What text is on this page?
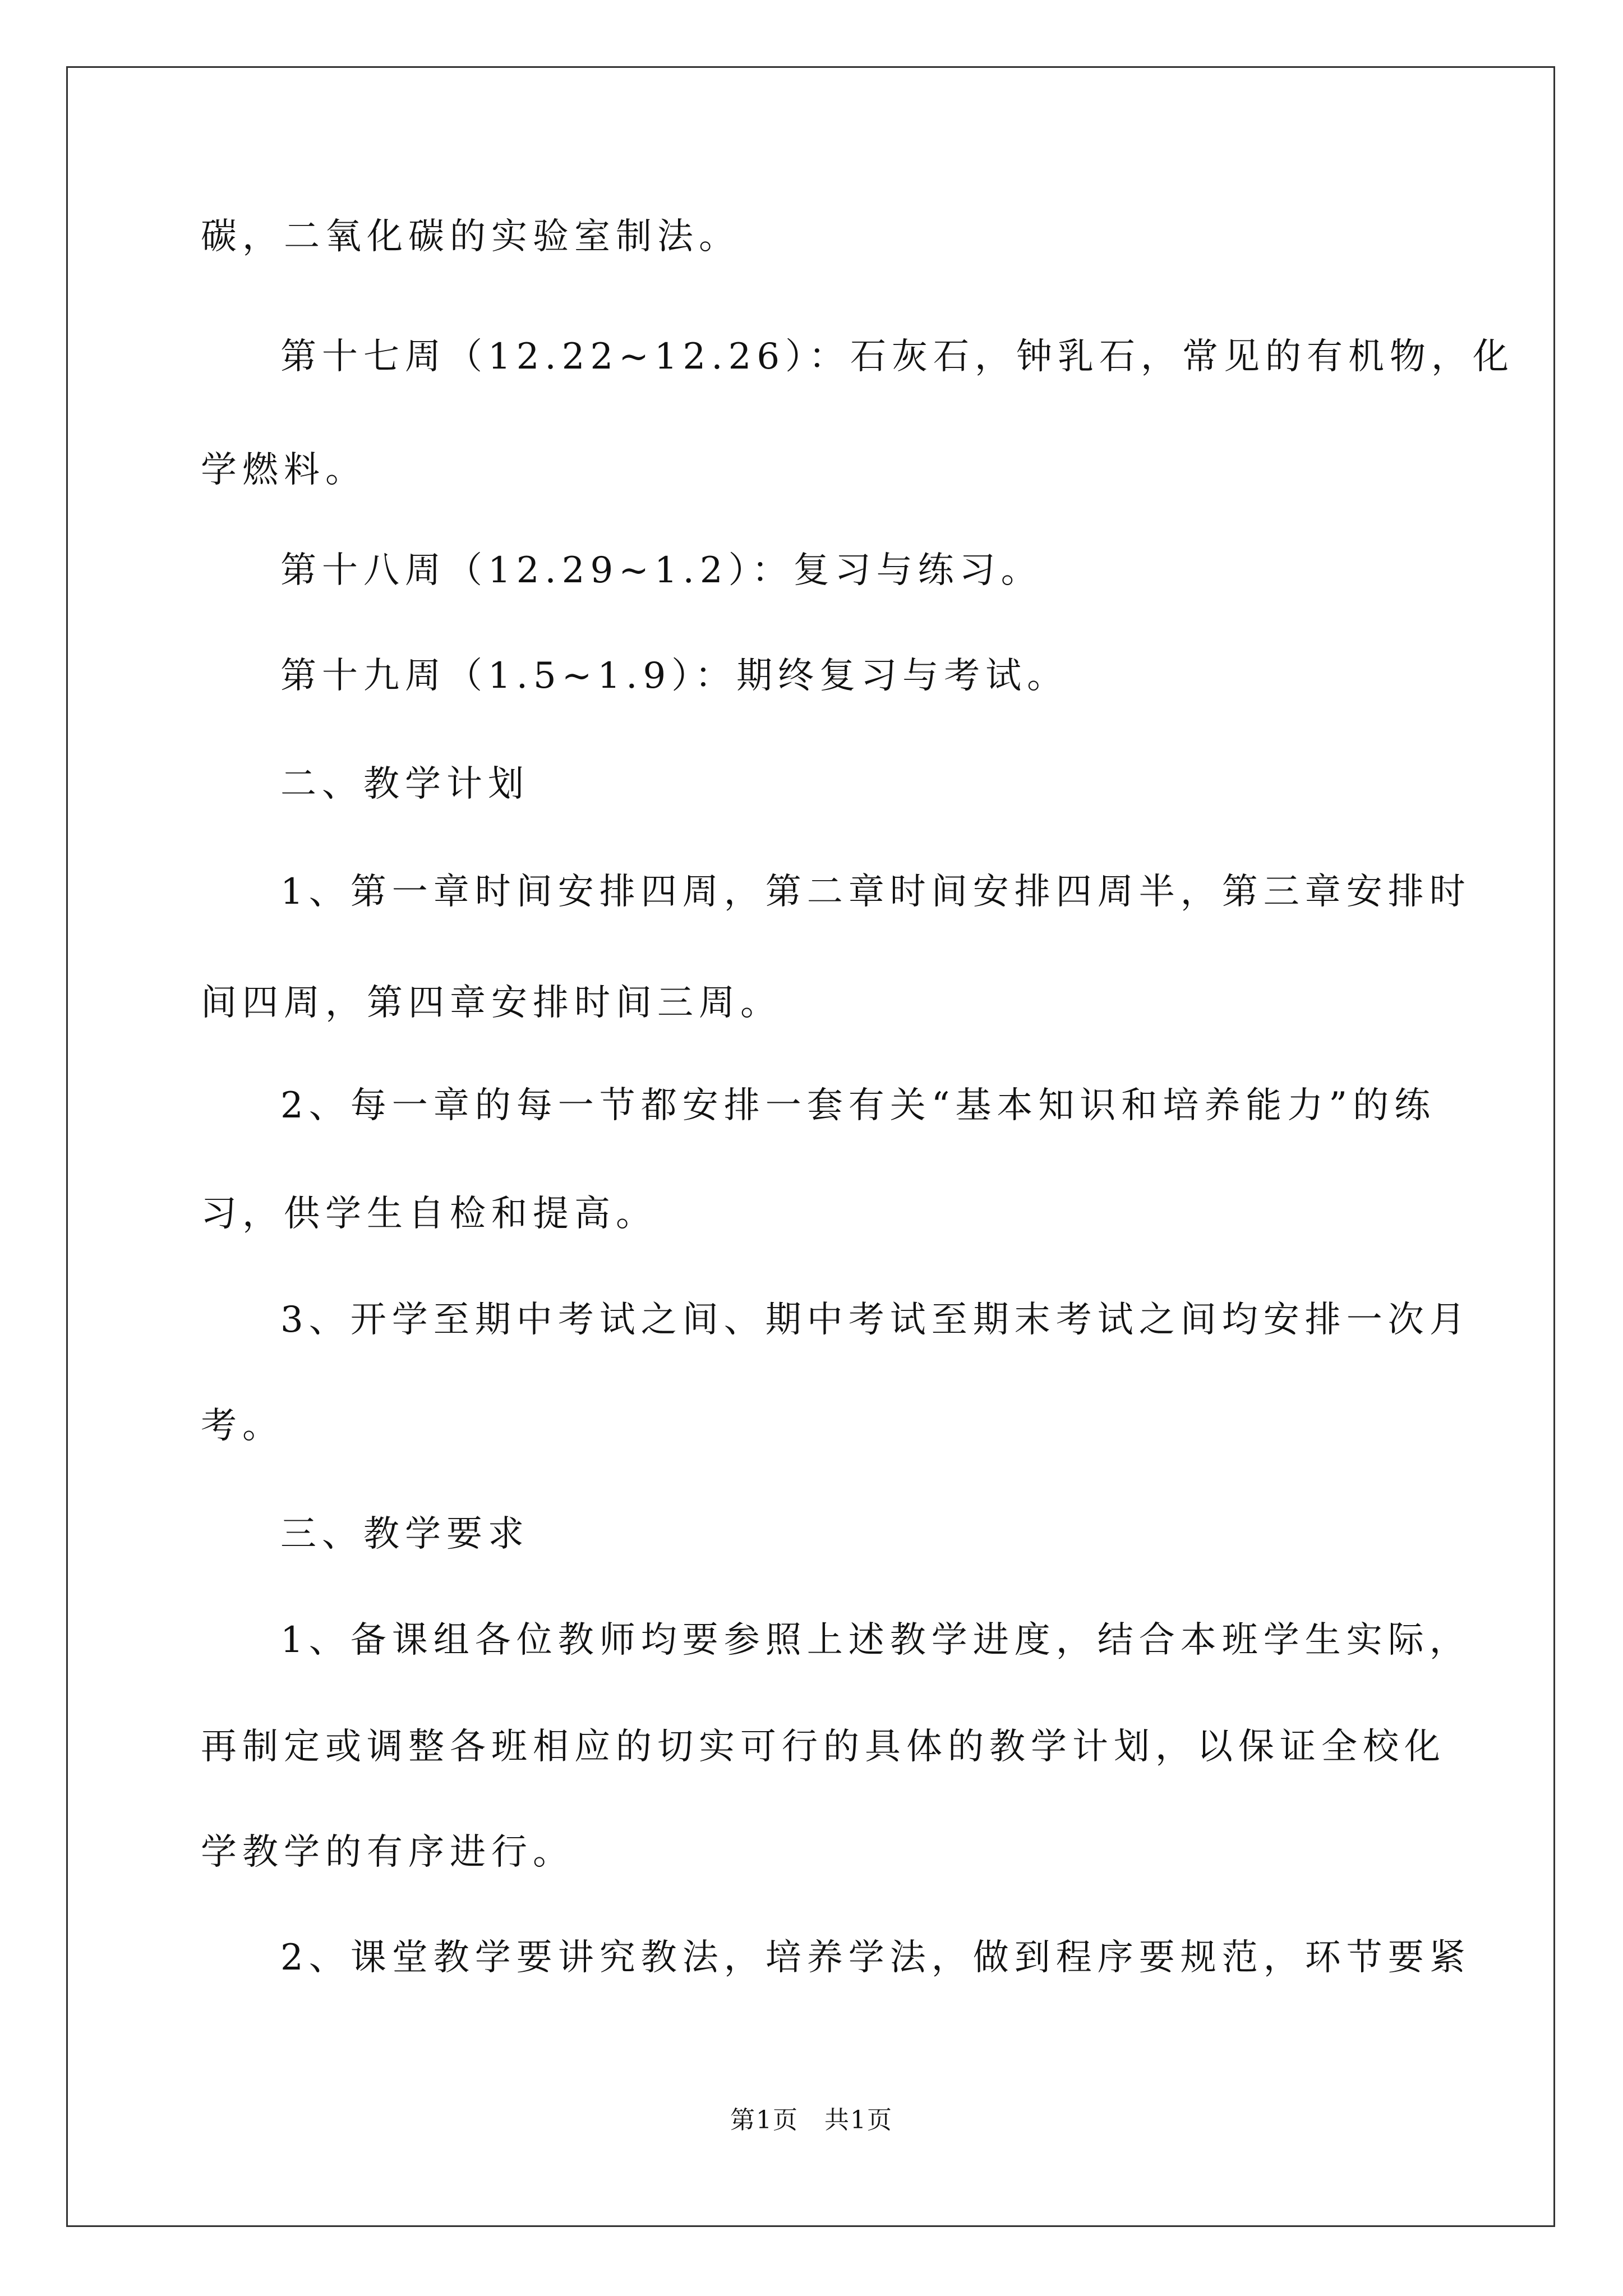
碳，二氧化碳的实验室制法。
第十七周（12.22~12.26）：石灰石，钟乳石，常见的有机物，化
学燃料。
第十八周（12.29~1.2）：复习与练习。
第十九周（1.5~1.9）：期终复习与考试。
二、教学计划
1、第一章时间安排四周，第二章时间安排四周半，第三章安排时
间四周，第四章安排时间三周。
2、每一章的每一节都安排一套有关“基本知识和培养能力”的练
习，供学生自检和提高。
3、开学至期中考试之间、期中考试至期末考试之间均安排一次月
考。
三、教学要求
1、备课组各位教师均要参照上述教学进度，结合本班学生实际，
再制定或调整各班相应的切实可行的具体的教学计划，以保证全校化
学教学的有序进行。
2、课堂教学要讲究教法，培养学法，做到程序要规范，环节要紧
第1页　共1页
